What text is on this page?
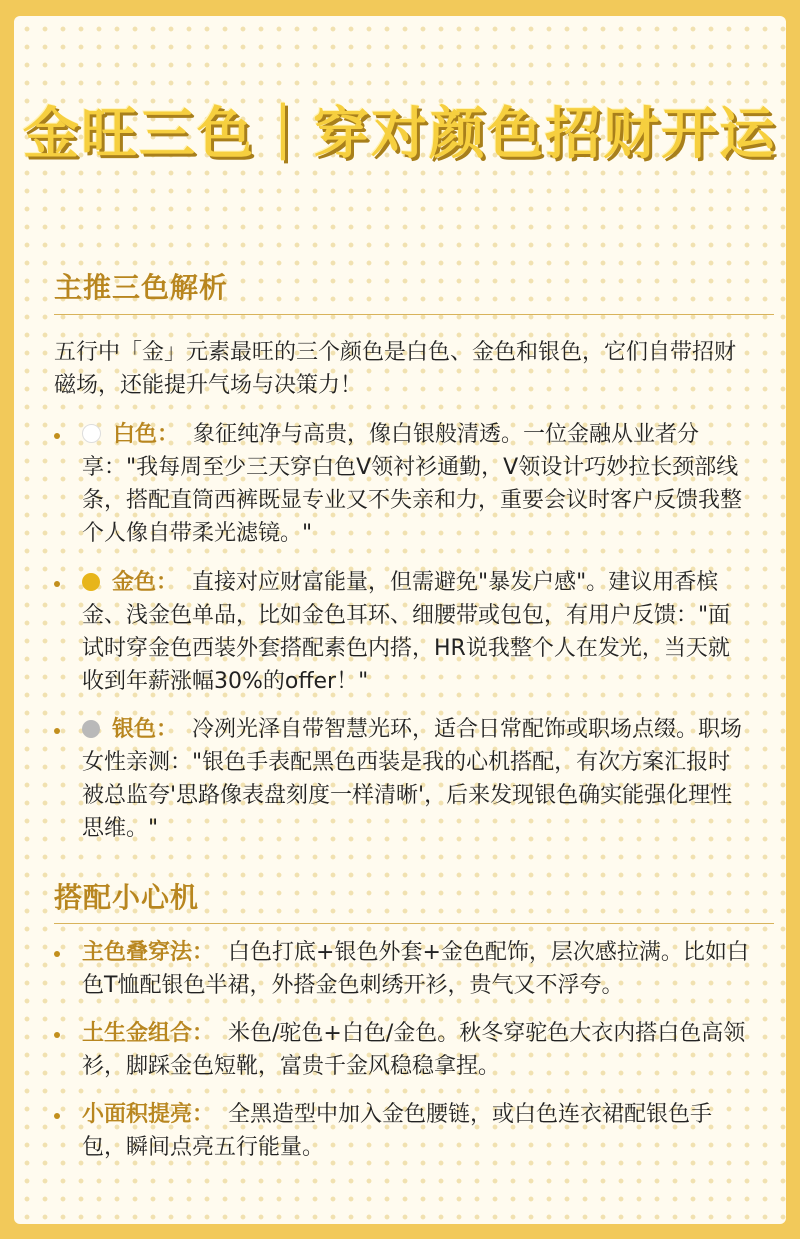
金旺三色｜穿对颜色招财开运
主推三色解析
五行中「金」元素最旺的三个颜色是白色、金色和银色，它们自带招财磁场，还能提升气场与决策力！
白色： 象征纯净与高贵，像白银般清透。一位金融从业者分享："我每周至少三天穿白色V领衬衫通勤，V领设计巧妙拉长颈部线条，搭配直筒西裤既显专业又不失亲和力，重要会议时客户反馈我整个人像自带柔光滤镜。"
金色： 直接对应财富能量，但需避免"暴发户感"。建议用香槟金、浅金色单品，比如金色耳环、细腰带或包包，有用户反馈："面试时穿金色西装外套搭配素色内搭，HR说我整个人在发光，当天就收到年薪涨幅30%的offer！"
银色： 冷冽光泽自带智慧光环，适合日常配饰或职场点缀。职场女性亲测："银色手表配黑色西装是我的心机搭配，有次方案汇报时被总监夸'思路像表盘刻度一样清晰'，后来发现银色确实能强化理性思维。"
搭配小心机
主色叠穿法： 白色打底+银色外套+金色配饰，层次感拉满。比如白色T恤配银色半裙，外搭金色刺绣开衫，贵气又不浮夸。
土生金组合： 米色/驼色+白色/金色。秋冬穿驼色大衣内搭白色高领衫，脚踩金色短靴，富贵千金风稳稳拿捏。
小面积提亮： 全黑造型中加入金色腰链，或白色连衣裙配银色手包，瞬间点亮五行能量。
